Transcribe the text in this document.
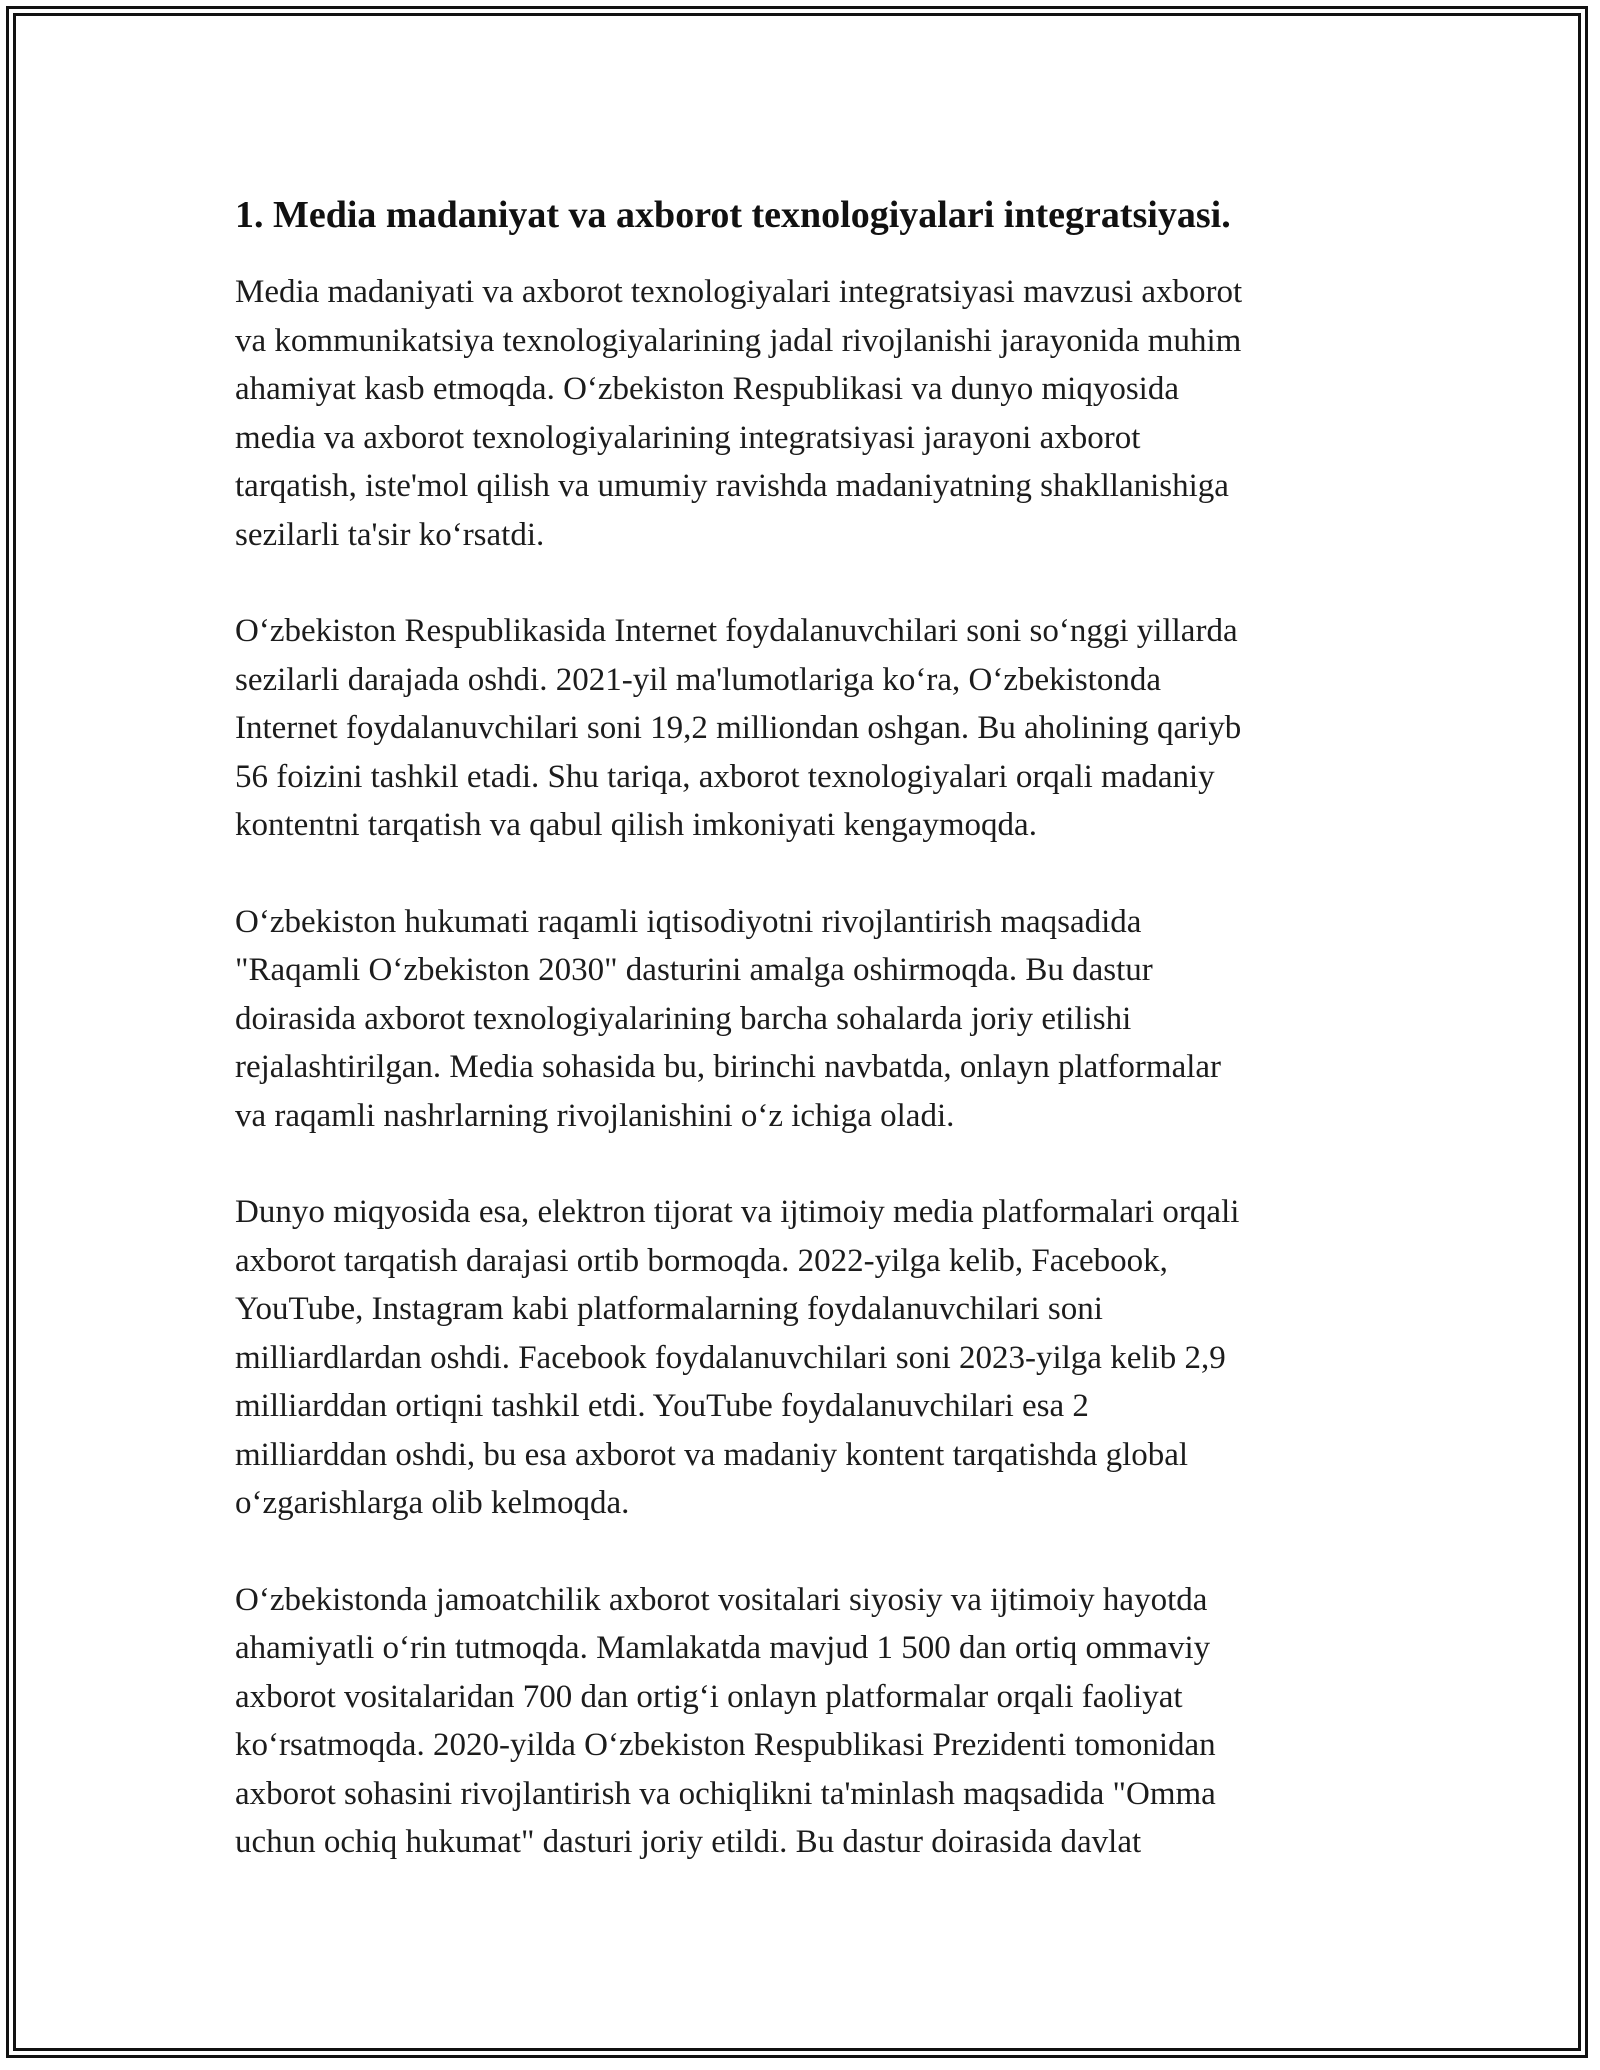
1. Media madaniyat va axborot texnologiyalari integratsiyasi.

Media madaniyati va axborot texnologiyalari integratsiyasi mavzusi axborot
va kommunikatsiya texnologiyalarining jadal rivojlanishi jarayonida muhim
ahamiyat kasb etmoqda. O‘zbekiston Respublikasi va dunyo miqyosida
media va axborot texnologiyalarining integratsiyasi jarayoni axborot
tarqatish, iste'mol qilish va umumiy ravishda madaniyatning shakllanishiga
sezilarli ta'sir ko‘rsatdi.

O‘zbekiston Respublikasida Internet foydalanuvchilari soni so‘nggi yillarda
sezilarli darajada oshdi. 2021-yil ma'lumotlariga ko‘ra, O‘zbekistonda
Internet foydalanuvchilari soni 19,2 milliondan oshgan. Bu aholining qariyb
56 foizini tashkil etadi. Shu tariqa, axborot texnologiyalari orqali madaniy
kontentni tarqatish va qabul qilish imkoniyati kengaymoqda.

O‘zbekiston hukumati raqamli iqtisodiyotni rivojlantirish maqsadida
"Raqamli O‘zbekiston 2030" dasturini amalga oshirmoqda. Bu dastur
doirasida axborot texnologiyalarining barcha sohalarda joriy etilishi
rejalashtirilgan. Media sohasida bu, birinchi navbatda, onlayn platformalar
va raqamli nashrlarning rivojlanishini o‘z ichiga oladi.

Dunyo miqyosida esa, elektron tijorat va ijtimoiy media platformalari orqali
axborot tarqatish darajasi ortib bormoqda. 2022-yilga kelib, Facebook,
YouTube, Instagram kabi platformalarning foydalanuvchilari soni
milliardlardan oshdi. Facebook foydalanuvchilari soni 2023-yilga kelib 2,9
milliarddan ortiqni tashkil etdi. YouTube foydalanuvchilari esa 2
milliarddan oshdi, bu esa axborot va madaniy kontent tarqatishda global
o‘zgarishlarga olib kelmoqda.

O‘zbekistonda jamoatchilik axborot vositalari siyosiy va ijtimoiy hayotda
ahamiyatli o‘rin tutmoqda. Mamlakatda mavjud 1 500 dan ortiq ommaviy
axborot vositalaridan 700 dan ortig‘i onlayn platformalar orqali faoliyat
ko‘rsatmoqda. 2020-yilda O‘zbekiston Respublikasi Prezidenti tomonidan
axborot sohasini rivojlantirish va ochiqlikni ta'minlash maqsadida "Omma
uchun ochiq hukumat" dasturi joriy etildi. Bu dastur doirasida davlat
